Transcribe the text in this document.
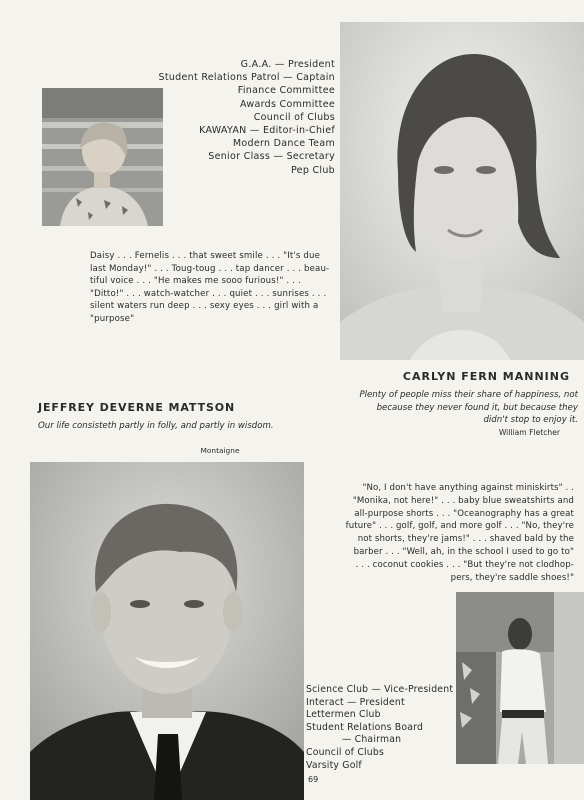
G.A.A. — President
Student Relations Patrol — Captain
Finance Committee
Awards Committee
Council of Clubs
KAWAYAN — Editor-in-Chief
Modern Dance Team
Senior Class — Secretary
Pep Club
Daisy . . . Fernelis . . . that sweet smile . . . "It's due
last Monday!" . . . Toug-toug . . . tap dancer . . . beau-
tiful voice . . . "He makes me sooo furious!" . . .
"Ditto!" . . . watch-watcher . . . quiet . . . sunrises . . .
silent waters run deep . . . sexy eyes . . . girl with a
"purpose"
CARLYN FERN MANNING
Plenty of people miss their share of happiness, not because they never found it, but because they didn't stop to enjoy it.
William Fletcher
JEFFREY DEVERNE MATTSON
Our life consisteth partly in folly, and partly in wisdom.
Montaigne
"No, I don't have anything against miniskirts" . .
"Monika, not here!" . . . baby blue sweatshirts and
all-purpose shorts . . . "Oceanography has a great
future" . . . golf, golf, and more golf . . . "No, they're
not shorts, they're jams!" . . . shaved bald by the
barber . . . "Well, ah, in the school I used to go to"
. . . coconut cookies . . . "But they're not clodhop-
pers, they're saddle shoes!"
Science Club — Vice-President
Interact — President
Lettermen Club
Student Relations Board
— Chairman
Council of Clubs
Varsity Golf
69
